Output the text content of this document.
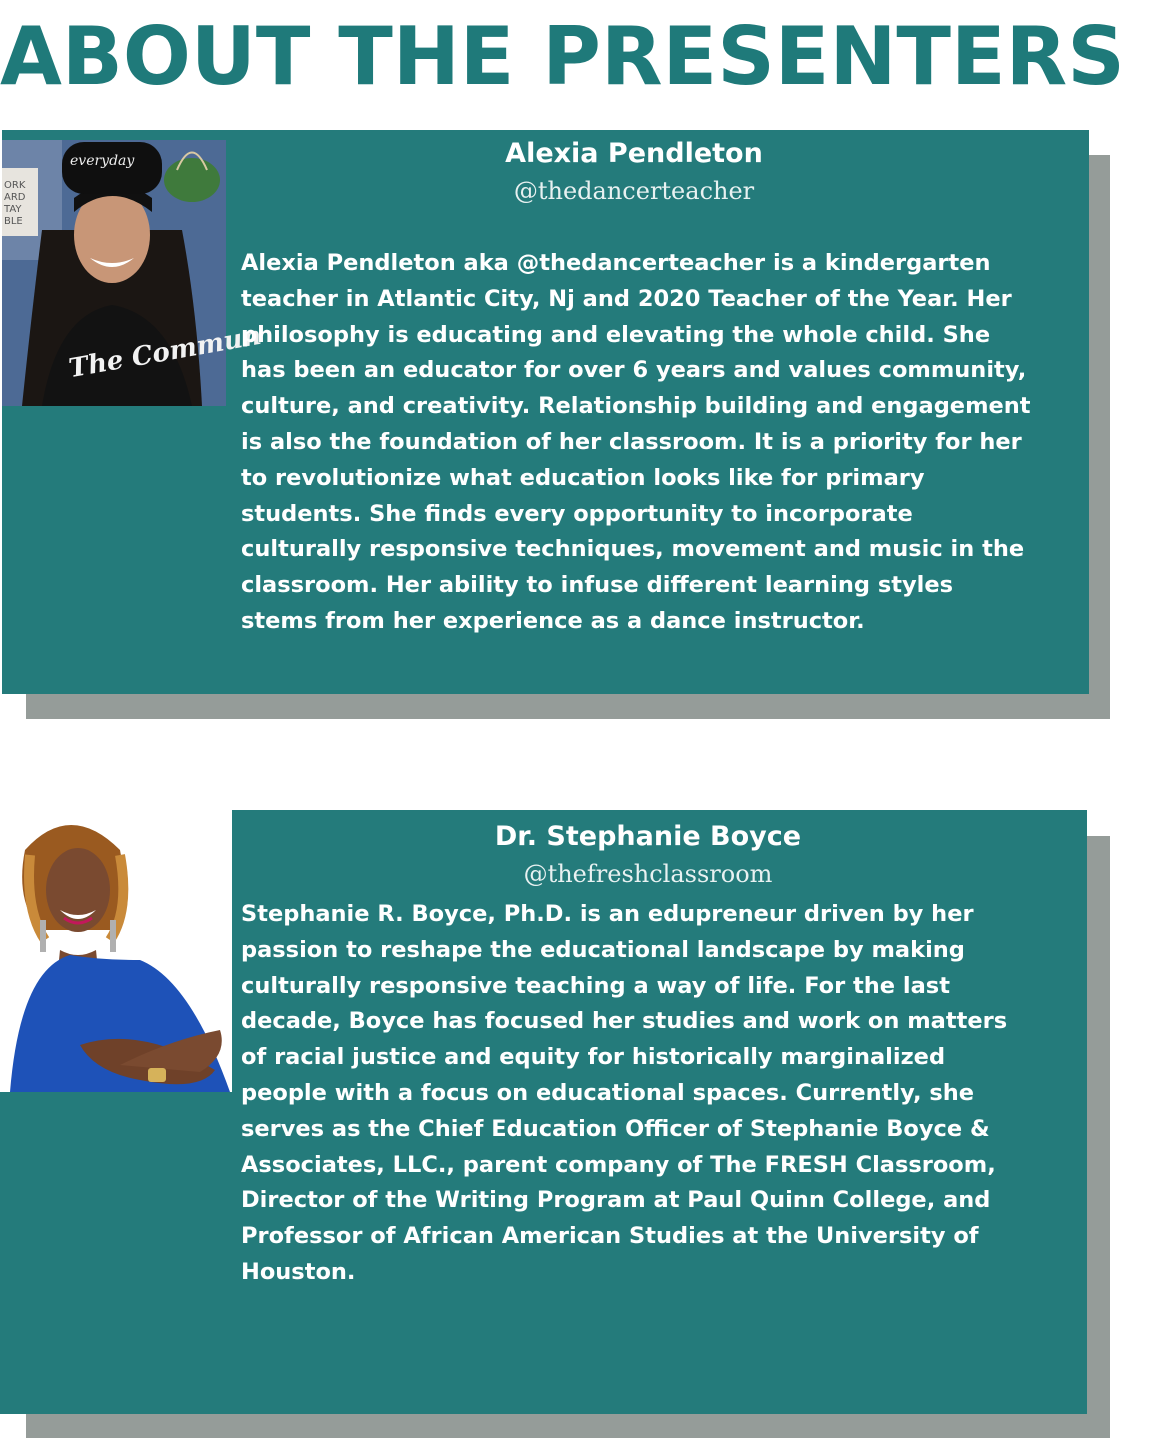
ABOUT THE PRESENTERS
ORK
ARD
TAY
BLE
everyday
The Commun
Alexia Pendleton
@thedancerteacher
Alexia Pendleton aka @thedancerteacher is a kindergarten
teacher in Atlantic City, Nj and 2020 Teacher of the Year. Her
philosophy is educating and elevating the whole child. She
has been an educator for over 6 years and values community,
culture, and creativity. Relationship building and engagement
is also the foundation of her classroom. It is a priority for her
to revolutionize what education looks like for primary
students. She finds every opportunity to incorporate
culturally responsive techniques, movement and music in the
classroom. Her ability to infuse different learning styles
stems from her experience as a dance instructor.
Dr. Stephanie Boyce
@thefreshclassroom
Stephanie R. Boyce, Ph.D. is an edupreneur driven by her
passion to reshape the educational landscape by making
culturally responsive teaching a way of life. For the last
decade, Boyce has focused her studies and work on matters
of racial justice and equity for historically marginalized
people with a focus on educational spaces. Currently, she
serves as the Chief Education Officer of Stephanie Boyce &
Associates, LLC., parent company of The FRESH Classroom,
Director of the Writing Program at Paul Quinn College, and
Professor of African American Studies at the University of
Houston.
